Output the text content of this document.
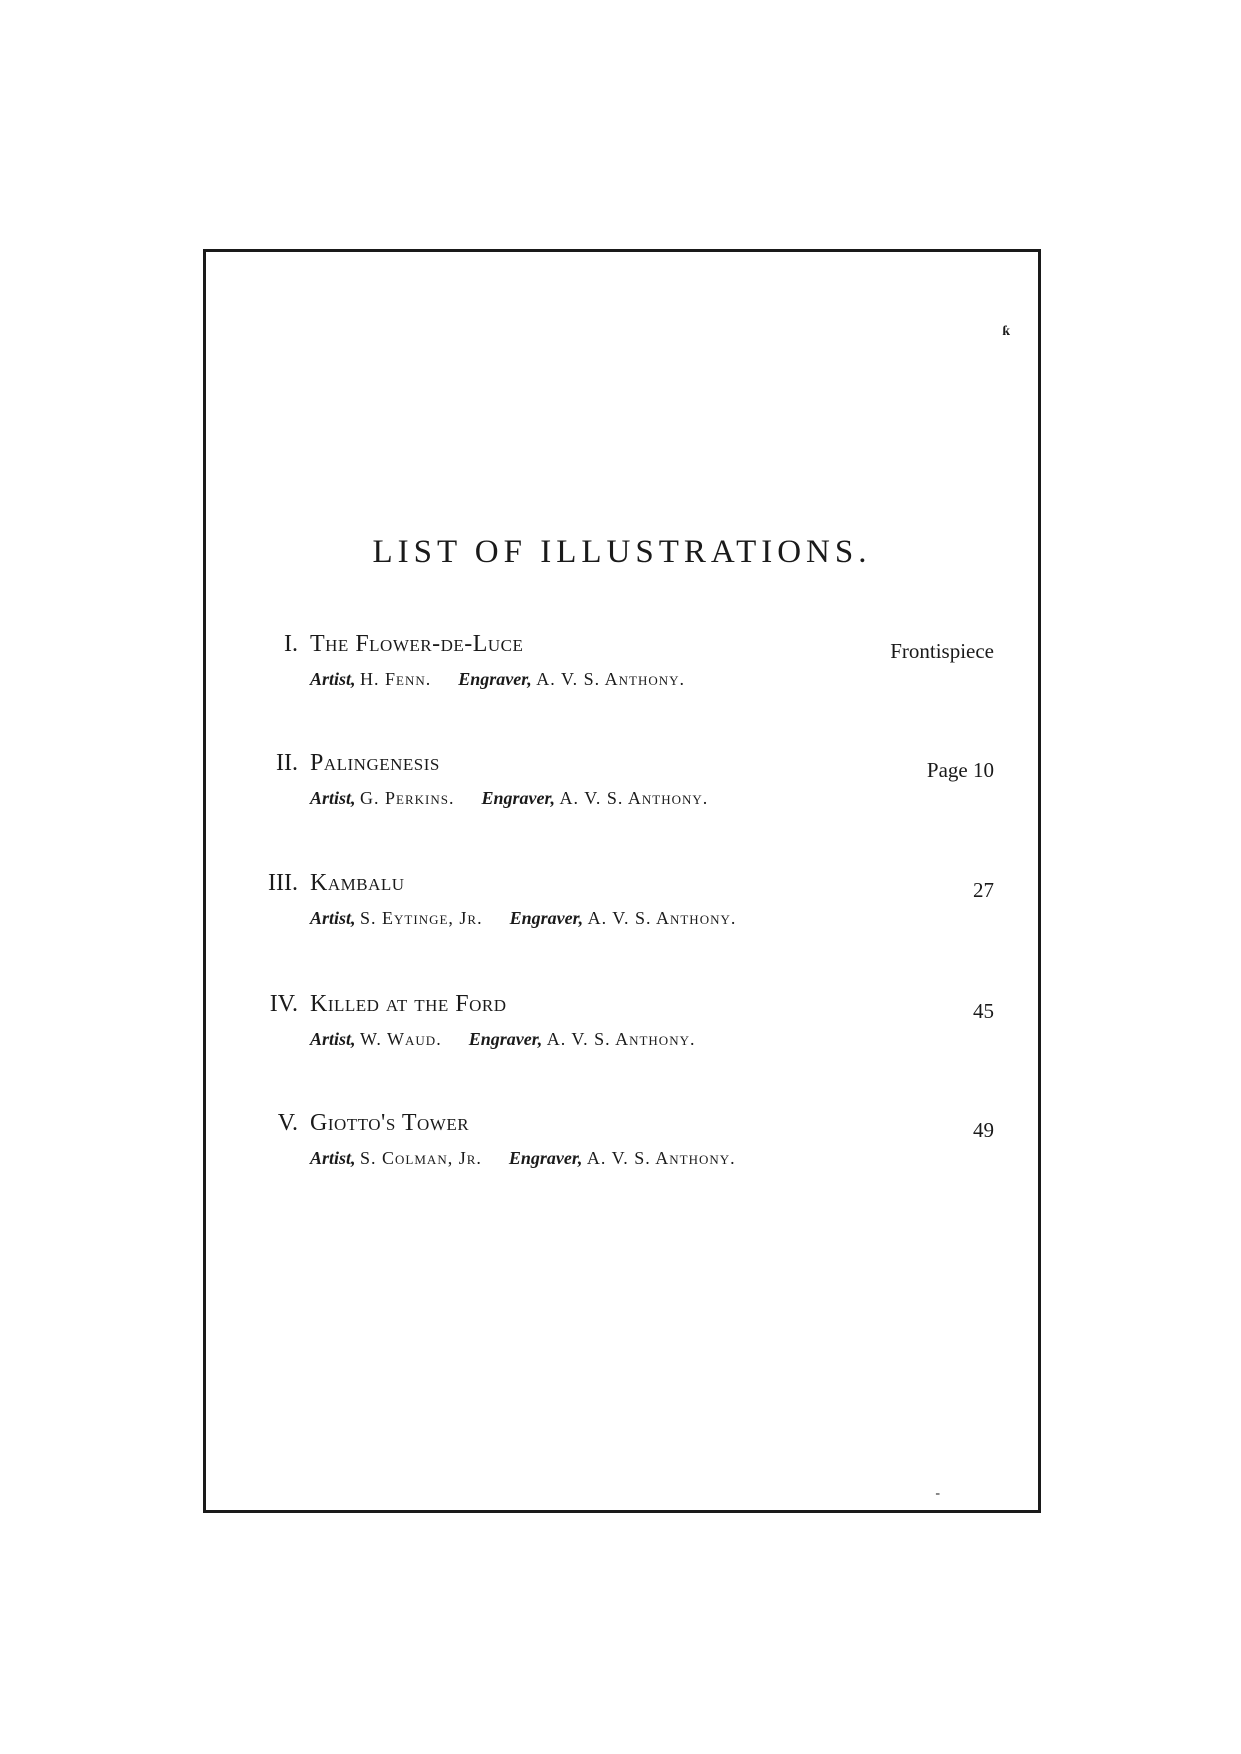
ƙ
LIST OF ILLUSTRATIONS.
I. The Flower-de-Luce	Frontispiece
Artist, H. Fenn. Engraver, A. V. S. Anthony.
II. Palingenesis	Page 10
Artist, G. Perkins. Engraver, A. V. S. Anthony.
III. Kambalu	27
Artist, S. Eytinge, Jr. Engraver, A. V. S. Anthony.
IV. Killed at the Ford	45
Artist, W. Waud. Engraver, A. V. S. Anthony.
V. Giotto's Tower	49
Artist, S. Colman, Jr. Engraver, A. V. S. Anthony.
-
